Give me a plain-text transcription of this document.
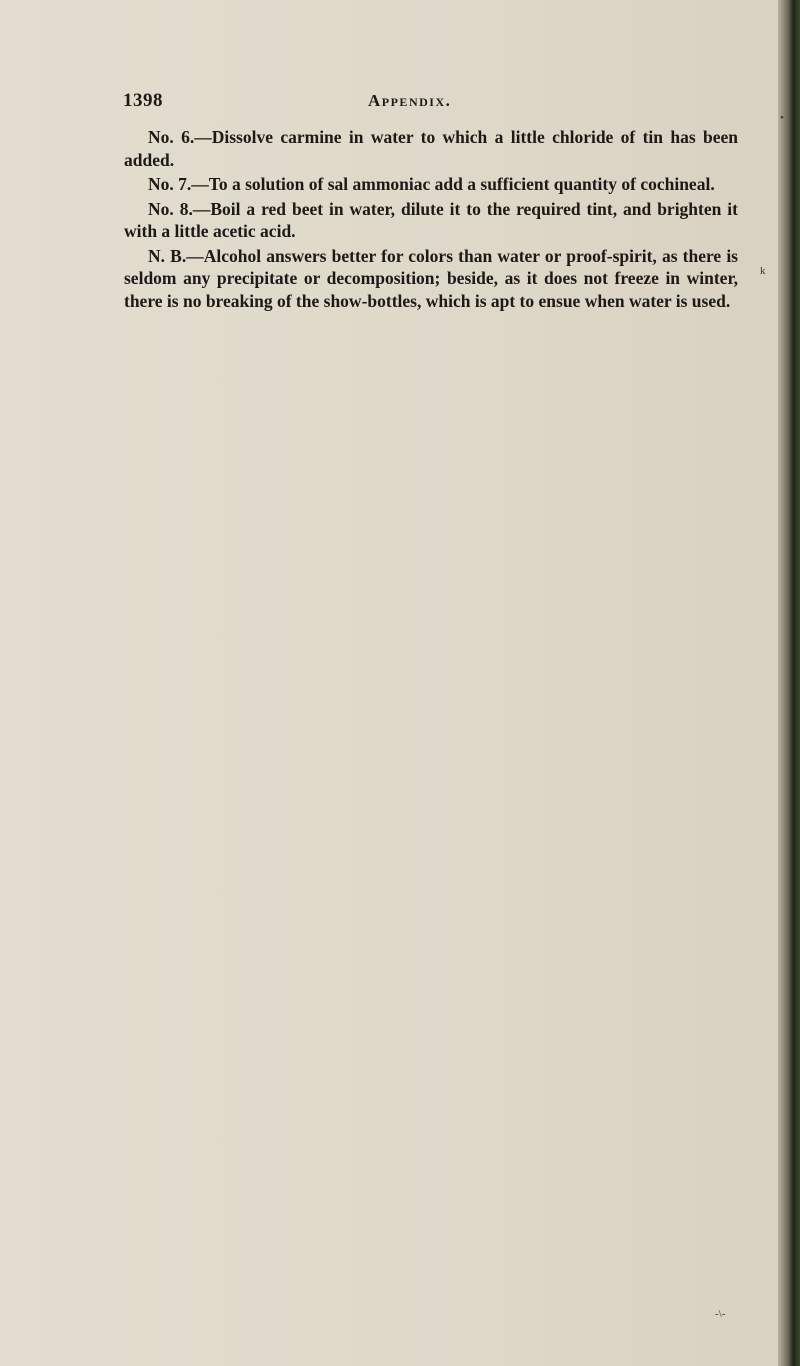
1398	Appendix.

No. 6.—Dissolve carmine in water to which a little chloride of tin has been added.

No. 7.—To a solution of sal ammoniac add a sufficient quantity of cochineal.

No. 8.—Boil a red beet in water, dilute it to the required tint, and brighten it with a little acetic acid.

N. B.—Alcohol answers better for colors than water or proof-spirit, as there is seldom any precipitate or decomposition; beside, as it does not freeze in winter, there is no breaking of the show-bottles, which is apt to ensue when water is used.

•
k
-\-
